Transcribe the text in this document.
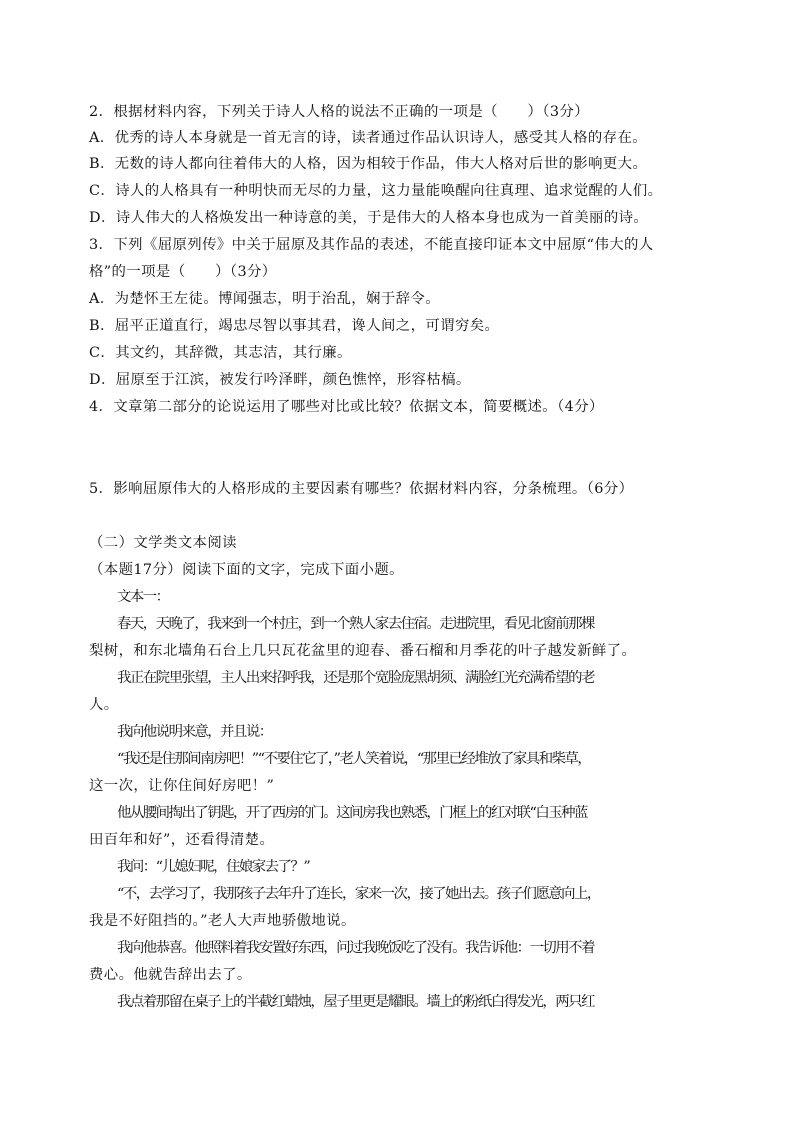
2．根据材料内容，下列关于诗人人格的说法不正确的一项是（　　）（3分）
A．优秀的诗人本身就是一首无言的诗，读者通过作品认识诗人，感受其人格的存在。
B．无数的诗人都向往着伟大的人格，因为相较于作品，伟大人格对后世的影响更大。
C．诗人的人格具有一种明快而无尽的力量，这力量能唤醒向往真理、追求觉醒的人们。
D．诗人伟大的人格焕发出一种诗意的美，于是伟大的人格本身也成为一首美丽的诗。
3．下列《屈原列传》中关于屈原及其作品的表述，不能直接印证本文中屈原“伟大的人
格”的一项是（　　）（3分）
A．为楚怀王左徒。博闻强志，明于治乱，娴于辞令。
B．屈平正道直行，竭忠尽智以事其君，谗人间之，可谓穷矣。
C．其文约，其辞微，其志洁，其行廉。
D．屈原至于江滨，被发行吟泽畔，颜色憔悴，形容枯槁。
4．文章第二部分的论说运用了哪些对比或比较？依据文本，简要概述。（4分）
5．影响屈原伟大的人格形成的主要因素有哪些？依据材料内容，分条梳理。（6分）
（二）文学类文本阅读
（本题17分）阅读下面的文字，完成下面小题。
文本一：
春天，天晚了，我来到一个村庄，到一个熟人家去住宿。走进院里，看见北窗前那棵
梨树，和东北墙角石台上几只瓦花盆里的迎春、番石榴和月季花的叶子越发新鲜了。
我正在院里张望，主人出来招呼我，还是那个宽脸庞黑胡须、满脸红光充满希望的老
人。
我向他说明来意，并且说：
“我还是住那间南房吧！”“不要住它了，”老人笑着说，“那里已经堆放了家具和柴草，
这一次，让你住间好房吧！”
他从腰间掏出了钥匙，开了西房的门。这间房我也熟悉，门框上的红对联“白玉种蓝
田百年和好”，还看得清楚。
我问：“儿媳妇呢，住娘家去了？”
“不，去学习了，我那孩子去年升了连长，家来一次，接了她出去。孩子们愿意向上，
我是不好阻挡的。”老人大声地骄傲地说。
我向他恭喜。他照料着我安置好东西，问过我晚饭吃了没有。我告诉他：一切用不着
费心。他就告辞出去了。
我点着那留在桌子上的半截红蜡烛，屋子里更是耀眼。墙上的粉纸白得发光，两只红
